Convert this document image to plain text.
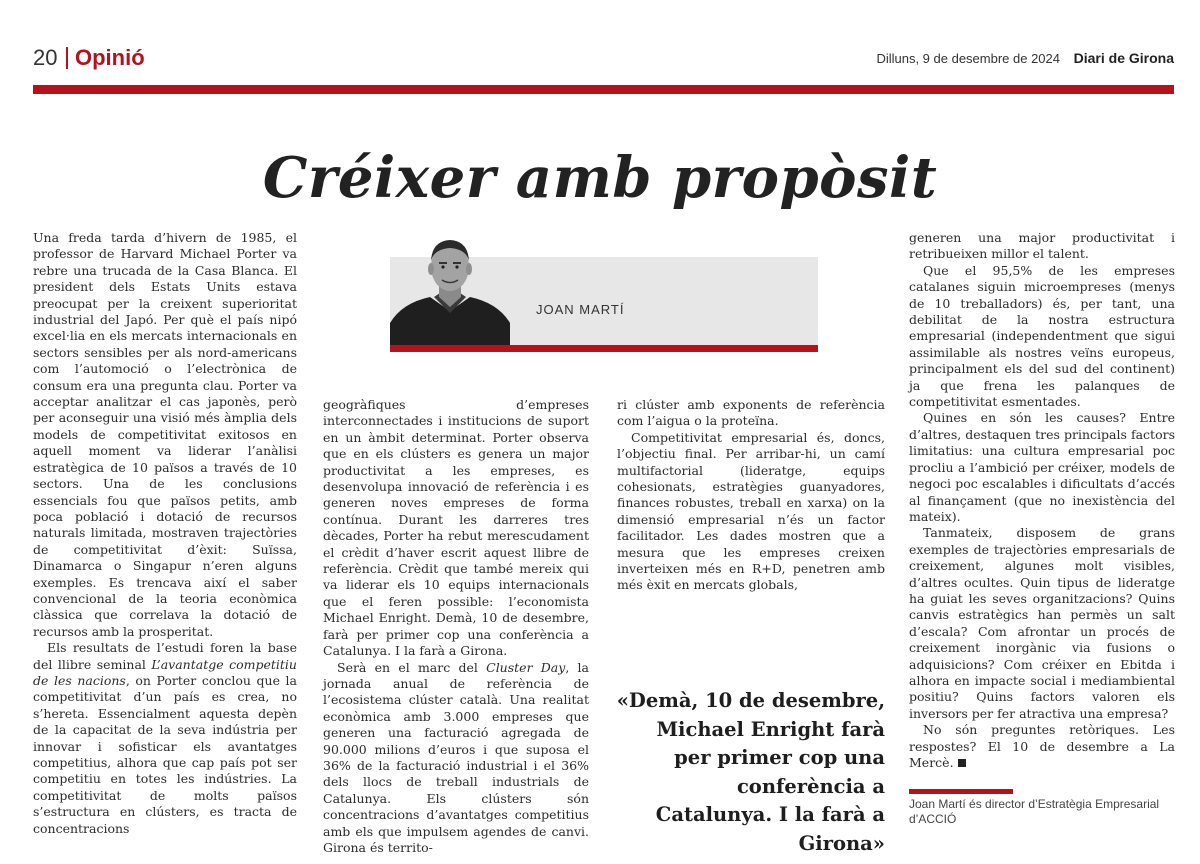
20 Opinió	Dilluns, 9 de desembre de 2024 Diari de Girona
Créixer amb propòsit
JOAN MARTÍ

Una freda tarda d’hivern de 1985, el professor de Harvard Michael Porter va rebre una trucada de la Casa Blanca. El president dels Estats Units estava preocupat per la creixent superioritat industrial del Japó. Per què el país nipó excel·lia en els mercats internacionals en sectors sensibles per als nord-americans com l’automoció o l’electrònica de consum era una pregunta clau. Porter va acceptar analitzar el cas japonès, però per aconseguir una visió més àmplia dels models de competitivitat exitosos en aquell moment va liderar l’anàlisi estratègica de 10 països a través de 10 sectors. Una de les conclusions essencials fou que països petits, amb poca població i dotació de recursos naturals limitada, mostraven trajectòries de competitivitat d’èxit: Suïssa, Dinamarca o Singapur n’eren alguns exemples. Es trencava així el saber convencional de la teoria econòmica clàssica que correlava la dotació de recursos amb la prosperitat.

Els resultats de l’estudi foren la base del llibre seminal L’avantatge competitiu de les nacions, on Porter conclou que la competitivitat d’un país es crea, no s’hereta. Essencialment aquesta depèn de la capacitat de la seva indústria per innovar i sofisticar els avantatges competitius, alhora que cap país pot ser competitiu en totes les indústries. La competitivitat de molts països s’estructura en clústers, es tracta de concentracions

geogràfiques d’empreses interconnectades i institucions de suport en un àmbit determinat. Porter observa que en els clústers es genera un major productivitat a les empreses, es desenvolupa innovació de referència i es generen noves empreses de forma contínua. Durant les darreres tres dècades, Porter ha rebut merescudament el crèdit d’haver escrit aquest llibre de referència. Crèdit que també mereix qui va liderar els 10 equips internacionals que el feren possible: l’economista Michael Enright. Demà, 10 de desembre, farà per primer cop una conferència a Catalunya. I la farà a Girona.

Serà en el marc del Cluster Day, la jornada anual de referència de l’ecosistema clúster català. Una realitat econòmica amb 3.000 empreses que generen una facturació agregada de 90.000 milions d’euros i que suposa el 36% de la facturació industrial i el 36% dels llocs de treball industrials de Catalunya. Els clústers són concentracions d’avantatges competitius amb els que impulsem agendes de canvi. Girona és territo-

ri clúster amb exponents de referència com l’aigua o la proteïna.

Competitivitat empresarial és, doncs, l’objectiu final. Per arribar-hi, un camí multifactorial (lideratge, equips cohesionats, estratègies guanyadores, finances robustes, treball en xarxa) on la dimensió empresarial n’és un factor facilitador. Les dades mostren que a mesura que les empreses creixen inverteixen més en R+D, penetren amb més èxit en mercats globals,

«Demà, 10 de desembre, Michael Enright farà per primer cop una conferència a Catalunya. I la farà a Girona»

generen una major productivitat i retribueixen millor el talent.

Que el 95,5% de les empreses catalanes siguin microempreses (menys de 10 treballadors) és, per tant, una debilitat de la nostra estructura empresarial (independentment que sigui assimilable als nostres veïns europeus, principalment els del sud del continent) ja que frena les palanques de competitivitat esmentades.

Quines en són les causes? Entre d’altres, destaquen tres principals factors limitatius: una cultura empresarial poc proclіu a l’ambició per créixer, models de negoci poc escalables i dificultats d’accés al finançament (que no inexistència del mateix).

Tanmateix, disposem de grans exemples de trajectòries empresarials de creixement, algunes molt visibles, d’altres ocultes. Quin tipus de lideratge ha guiat les seves organitzacions? Quins canvis estratègics han permès un salt d’escala? Com afrontar un procés de creixement inorgànic via fusions o adquisicions? Com créixer en Ebitda i alhora en impacte social i mediambiental positiu? Quins factors valoren els inversors per fer atractiva una empresa?

No són preguntes retòriques. Les respostes? El 10 de desembre a La Mercè.

Joan Martí és director d’Estratègia Empresarial d’ACCIÓ
